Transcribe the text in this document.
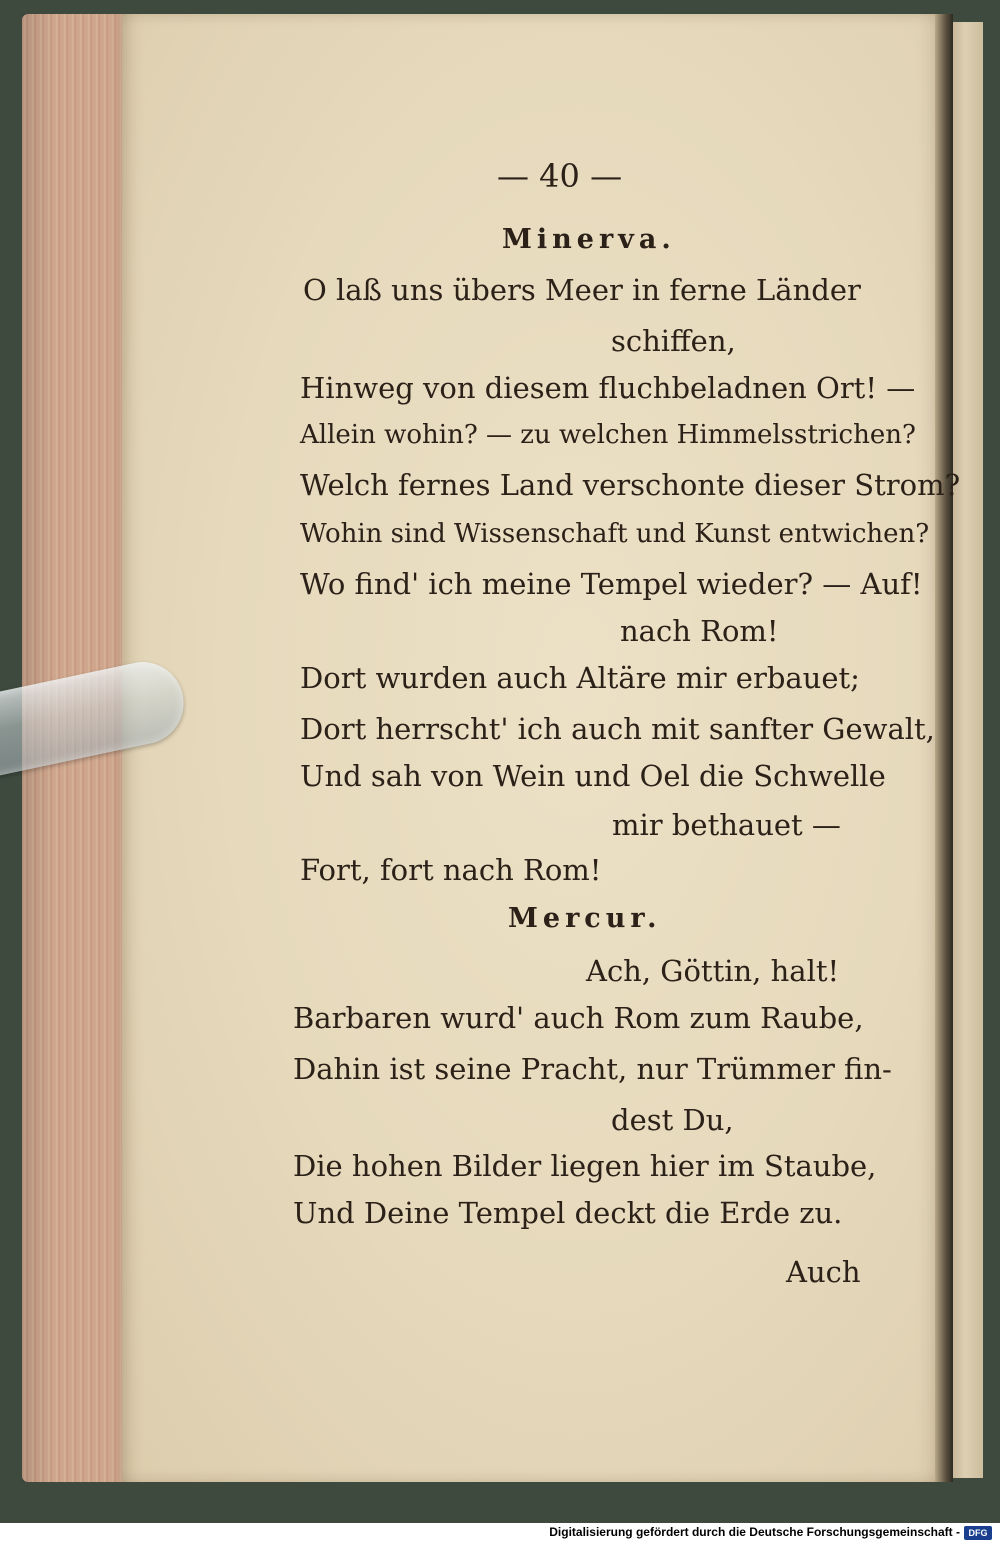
— 40 —
Minerva.
O laß uns übers Meer in ferne Länder
schiffen,
Hinweg von diesem fluchbeladnen Ort! —
Allein wohin? — zu welchen Himmelsstrichen?
Welch fernes Land verschonte dieser Strom?
Wohin sind Wissenschaft und Kunst entwichen?
Wo find' ich meine Tempel wieder? — Auf!
nach Rom!
Dort wurden auch Altäre mir erbauet;
Dort herrscht' ich auch mit sanfter Gewalt,
Und sah von Wein und Oel die Schwelle
mir bethauet —
Fort, fort nach Rom!
Mercur.
Ach, Göttin, halt!
Barbaren wurd' auch Rom zum Raube,
Dahin ist seine Pracht, nur Trümmer fin-
dest Du,
Die hohen Bilder liegen hier im Staube,
Und Deine Tempel deckt die Erde zu.
Auch
Digitalisierung gefördert durch die Deutsche Forschungsgemeinschaft - DFG
